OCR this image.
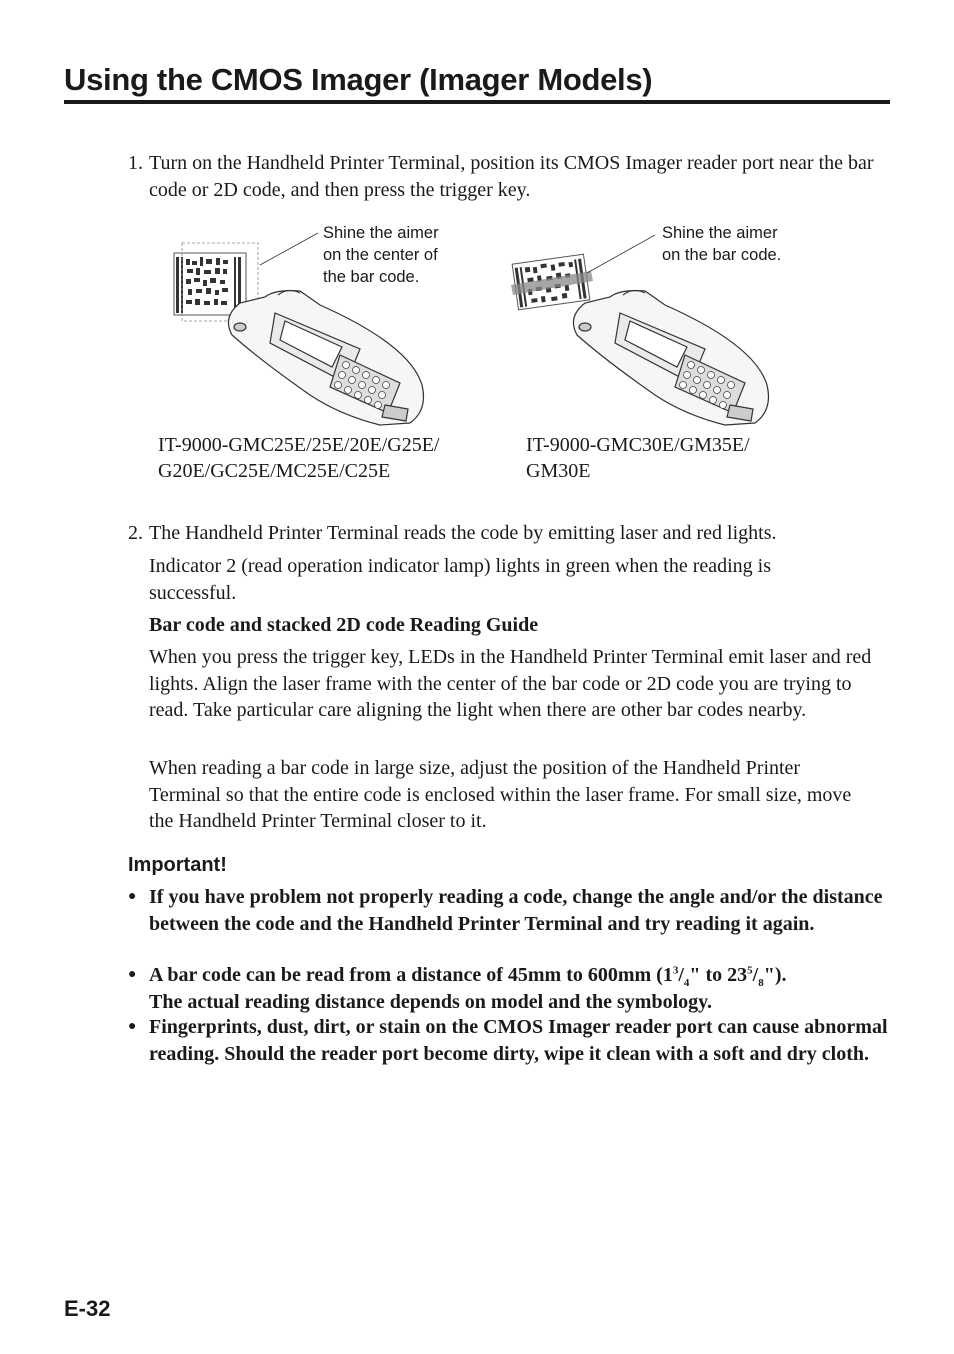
Using the CMOS Imager (Imager Models)
1. Turn on the Handheld Printer Terminal, position its CMOS Imager reader port near the bar code or 2D code, and then press the trigger key.

Shine the aimer
on the center of
the bar code.
Shine the aimer
on the bar code.
IT-9000-GMC25E/25E/20E/G25E/
G20E/GC25E/MC25E/C25E
IT-9000-GMC30E/GM35E/
GM30E
2. The Handheld Printer Terminal reads the code by emitting laser and red lights.

Indicator 2 (read operation indicator lamp) lights in green when the reading is successful.

Bar code and stacked 2D code Reading Guide

When you press the trigger key, LEDs in the Handheld Printer Terminal emit laser and red lights. Align the laser frame with the center of the bar code or 2D code you are trying to read. Take particular care aligning the light when there are other bar codes nearby.

When reading a bar code in large size, adjust the position of the Handheld Printer Terminal so that the entire code is enclosed within the laser frame. For small size, move the Handheld Printer Terminal closer to it.

Important!
● If you have problem not properly reading a code, change the angle and/or the distance between the code and the Handheld Printer Terminal and try reading it again.

● A bar code can be read from a distance of 45mm to 600mm ($1^3/_4$" to $23^5/_8$").
The actual reading distance depends on model and the symbology.
● Fingerprints, dust, dirt, or stain on the CMOS Imager reader port can cause abnormal reading. Should the reader port become dirty, wipe it clean with a soft and dry cloth.

E-32
